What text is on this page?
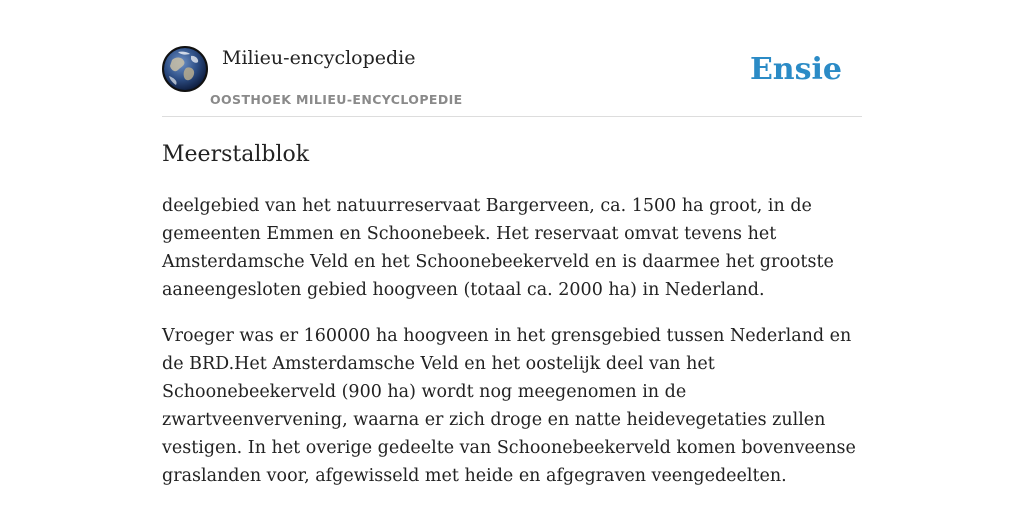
Milieu-encyclopedie
OOSTHOEK MILIEU-ENCYCLOPEDIE
Ensie
Meerstalblok

deelgebied van het natuurreservaat Bargerveen, ca. 1500 ha groot, in de gemeenten Emmen en Schoonebeek. Het reservaat omvat tevens het Amsterdamsche Veld en het Schoonebeekerveld en is daarmee het grootste aaneengesloten gebied hoogveen (totaal ca. 2000 ha) in Nederland.

Vroeger was er 160000 ha hoogveen in het grensgebied tussen Nederland en de BRD.Het Amsterdamsche Veld en het oostelijk deel van het Schoonebeekerveld (900 ha) wordt nog meegenomen in de zwartveenvervening, waarna er zich droge en natte heidevegetaties zullen vestigen. In het overige gedeelte van Schoonebeekerveld komen bovenveense graslanden voor, afgewisseld met heide en afgegraven veengedeelten.
